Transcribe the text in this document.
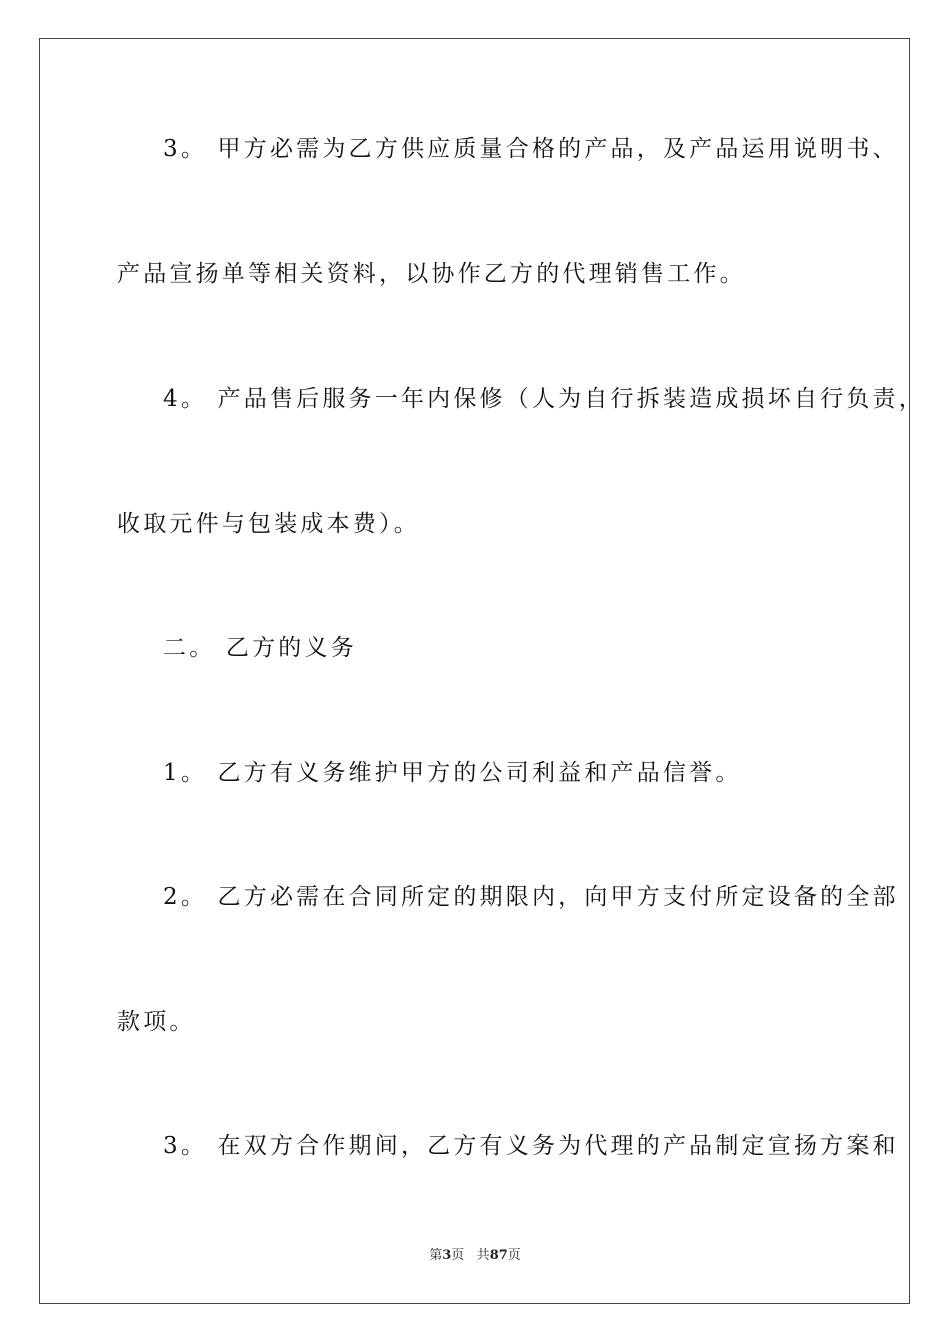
3。 甲方必需为乙方供应质量合格的产品，及产品运用说明书、
产品宣扬单等相关资料，以协作乙方的代理销售工作。
4。 产品售后服务一年内保修（人为自行拆装造成损坏自行负责，
收取元件与包装成本费）。
二。 乙方的义务
1。 乙方有义务维护甲方的公司利益和产品信誉。
2。 乙方必需在合同所定的期限内，向甲方支付所定设备的全部
款项。
3。 在双方合作期间，乙方有义务为代理的产品制定宣扬方案和
第3页 共87页
